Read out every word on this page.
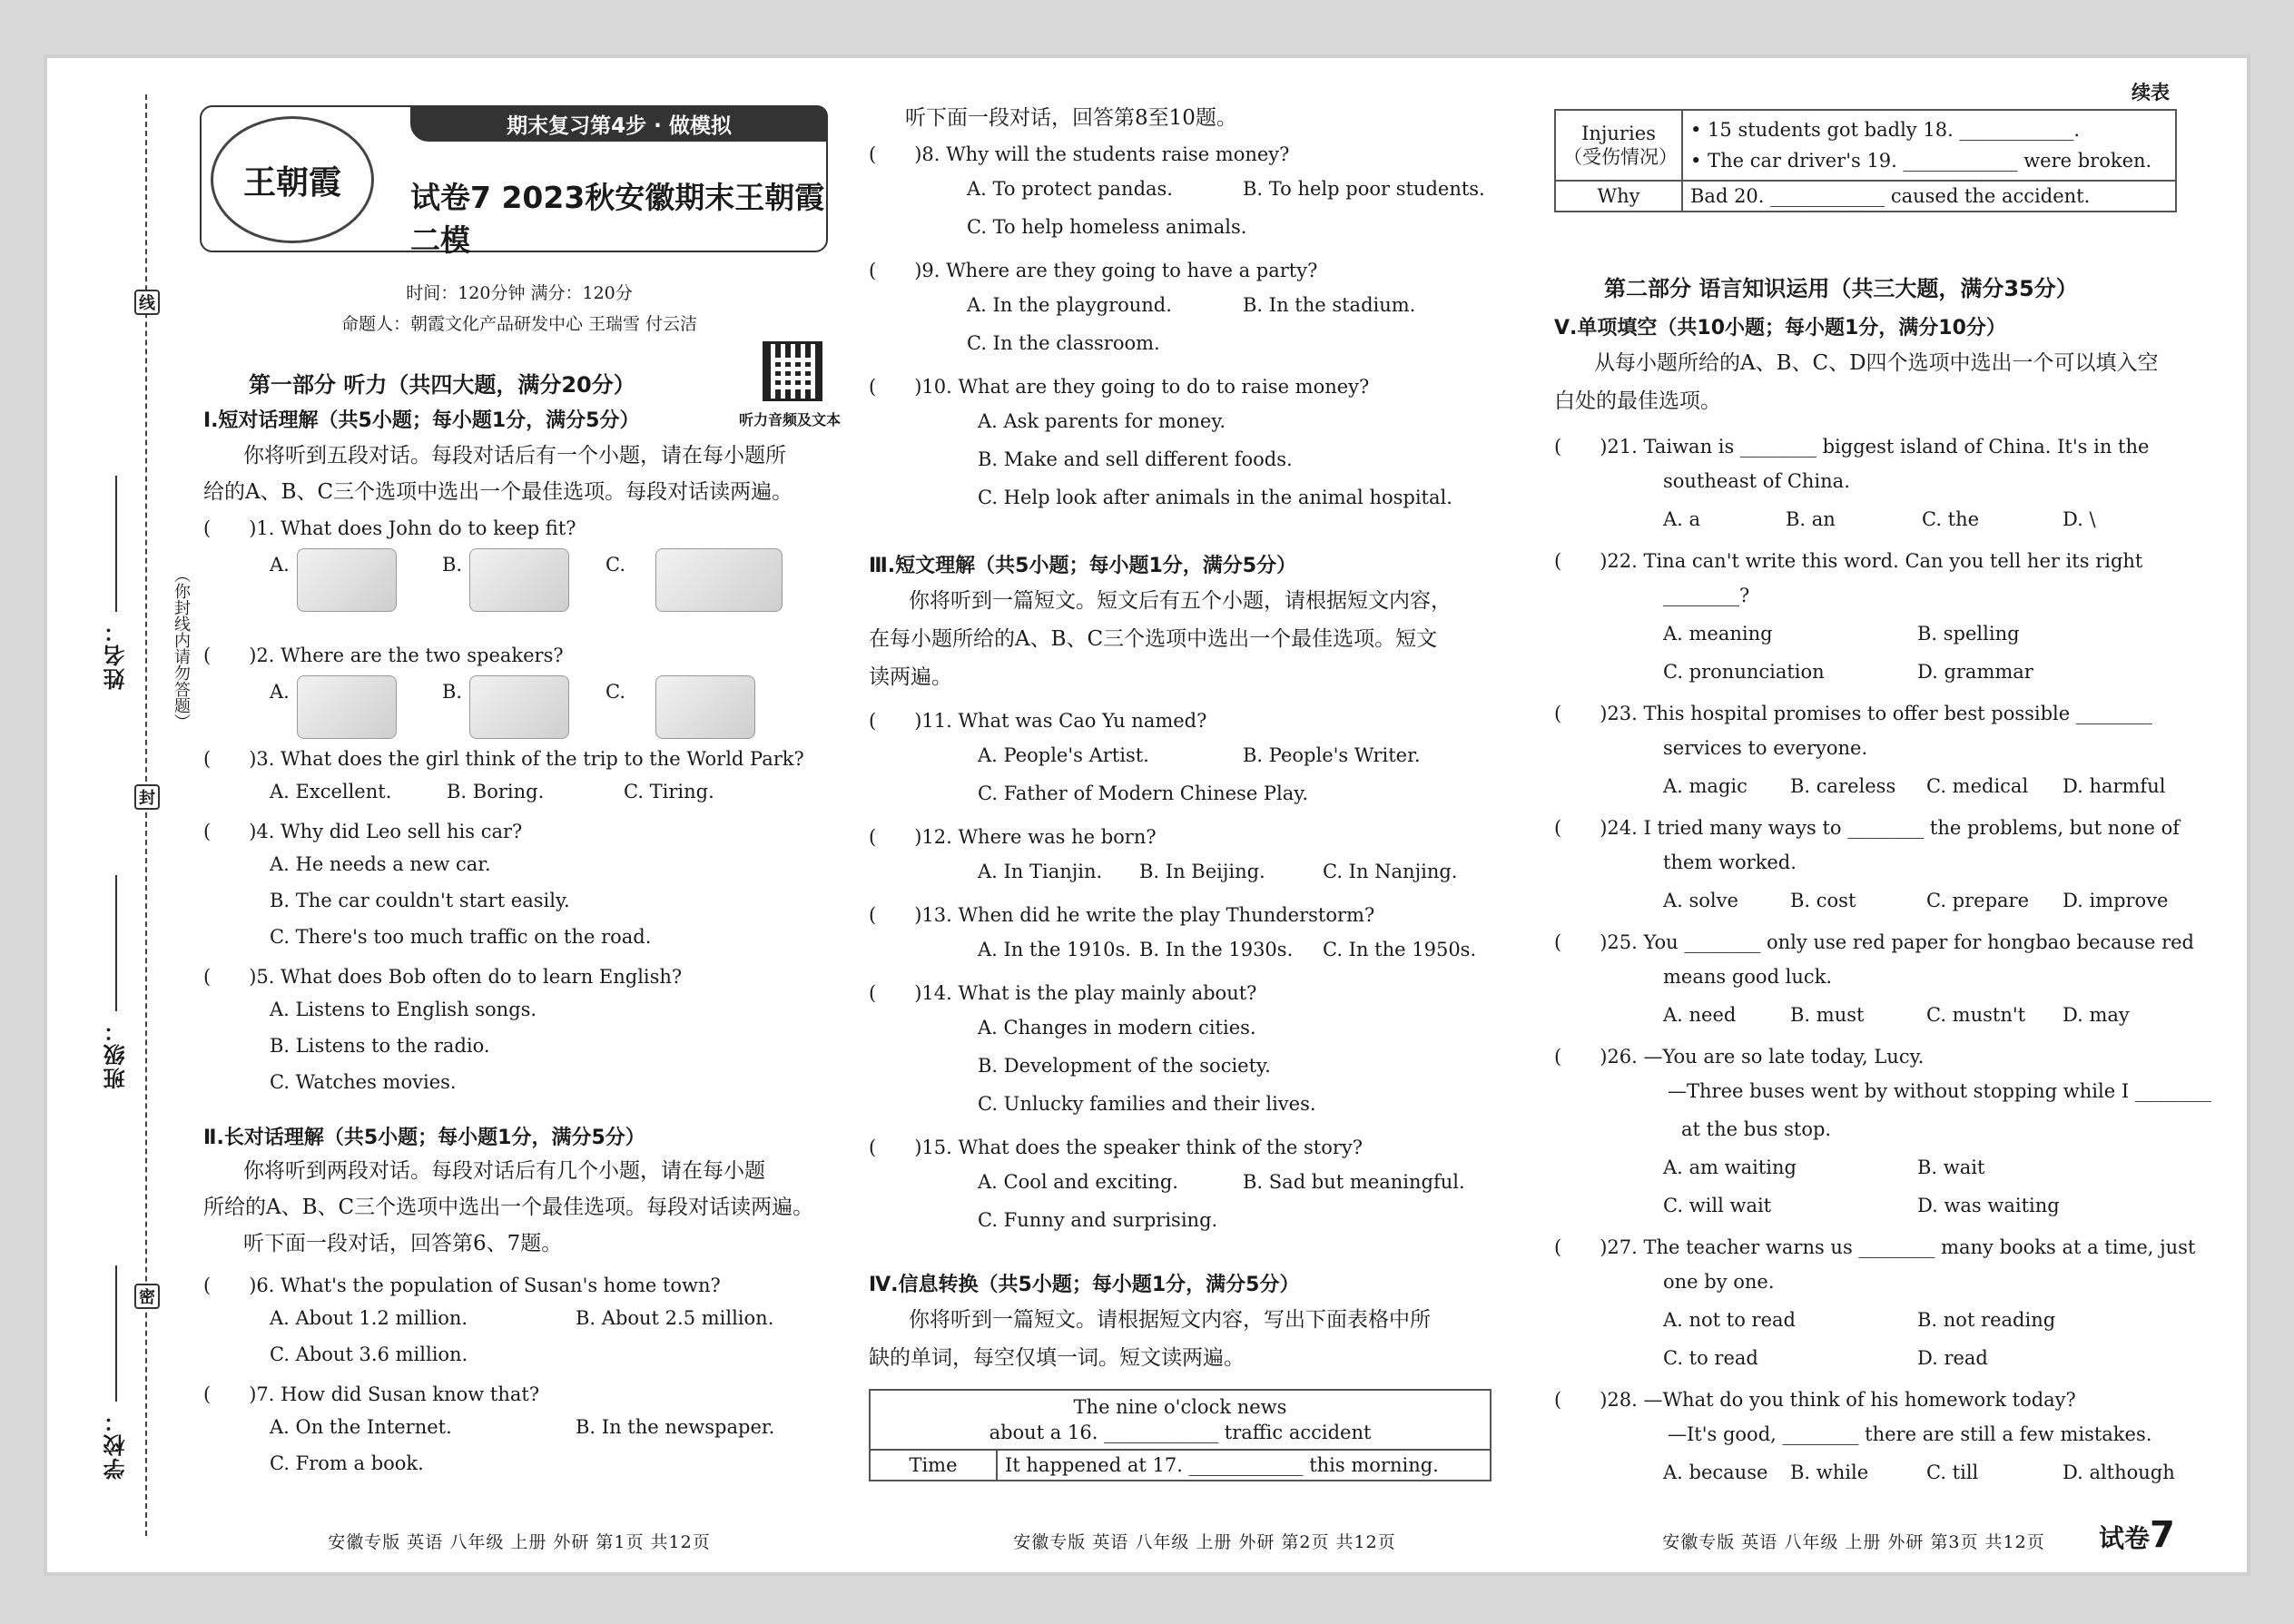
线
封
密
姓名：
班级：
学校：
（你封线内请勿答题）
王朝霞
期末复习第4步 · 做模拟
试卷7 2023秋安徽期末王朝霞二模
时间：120分钟 满分：120分
命题人：朝霞文化产品研发中心 王瑞雪 付云洁
第一部分 听力（共四大题，满分20分）
听力音频及文本
Ⅰ.短对话理解（共5小题；每小题1分，满分5分）
你将听到五段对话。每段对话后有一个小题，请在每小题所
给的A、B、C三个选项中选出一个最佳选项。每段对话读两遍。
(　　)1. What does John do to keep fit?
A.	B.	C.
(　　)2. Where are the two speakers?
A.	B.	C.
(　　)3. What does the girl think of the trip to the World Park?
A. Excellent.	B. Boring.	C. Tiring.
(　　)4. Why did Leo sell his car?
A. He needs a new car.
B. The car couldn't start easily.
C. There's too much traffic on the road.
(　　)5. What does Bob often do to learn English?
A. Listens to English songs.
B. Listens to the radio.
C. Watches movies.
Ⅱ.长对话理解（共5小题；每小题1分，满分5分）
你将听到两段对话。每段对话后有几个小题，请在每小题
所给的A、B、C三个选项中选出一个最佳选项。每段对话读两遍。
听下面一段对话，回答第6、7题。
(　　)6. What's the population of Susan's home town?
A. About 1.2 million.	B. About 2.5 million.
C. About 3.6 million.
(　　)7. How did Susan know that?
A. On the Internet.	B. In the newspaper.
C. From a book.
安徽专版 英语 八年级 上册 外研 第1页 共12页
听下面一段对话，回答第8至10题。
(　　)8. Why will the students raise money?
A. To protect pandas.	B. To help poor students.
C. To help homeless animals.
(　　)9. Where are they going to have a party?
A. In the playground.	B. In the stadium.
C. In the classroom.
(　　)10. What are they going to do to raise money?
A. Ask parents for money.
B. Make and sell different foods.
C. Help look after animals in the animal hospital.
Ⅲ.短文理解（共5小题；每小题1分，满分5分）
你将听到一篇短文。短文后有五个小题，请根据短文内容，
在每小题所给的A、B、C三个选项中选出一个最佳选项。短文
读两遍。
(　　)11. What was Cao Yu named?
A. People's Artist.	B. People's Writer.
C. Father of Modern Chinese Play.
(　　)12. Where was he born?
A. In Tianjin. B. In Beijing.	C. In Nanjing.
(　　)13. When did he write the play Thunderstorm?
A. In the 1910s. B. In the 1930s. C. In the 1950s.
(　　)14. What is the play mainly about?
A. Changes in modern cities.
B. Development of the society.
C. Unlucky families and their lives.
(　　)15. What does the speaker think of the story?
A. Cool and exciting.	B. Sad but meaningful.
C. Funny and surprising.
Ⅳ.信息转换（共5小题；每小题1分，满分5分）
你将听到一篇短文。请根据短文内容，写出下面表格中所
缺的单词，每空仅填一词。短文读两遍。
The nine o'clock news
about a 16. ____________ traffic accident

Time	It happened at 17. ____________ this morning.
安徽专版 英语 八年级 上册 外研 第2页 共12页
续表
Injuries（受伤情况）	• 15 students got badly 18. ____________.
• The car driver's 19. ____________ were broken.

Why	Bad 20. ____________ caused the accident.
第二部分 语言知识运用（共三大题，满分35分）
Ⅴ.单项填空（共10小题；每小题1分，满分10分）
从每小题所给的A、B、C、D四个选项中选出一个可以填入空
白处的最佳选项。
(　　)21. Taiwan is ________ biggest island of China. It's in the
southeast of China.
A. a	B. an	C. the	D. \
(　　)22. Tina can't write this word. Can you tell her its right
________?
A. meaning	B. spelling
C. pronunciation	D. grammar
(　　)23. This hospital promises to offer best possible ________
services to everyone.
A. magic B. careless C. medical D. harmful
(　　)24. I tried many ways to ________ the problems, but none of
them worked.
A. solve	B. cost	C. prepare D. improve
(　　)25. You ________ only use red paper for hongbao because red
means good luck.
A. need	B. must	C. mustn't D. may
(　　)26. —You are so late today, Lucy.
—Three buses went by without stopping while I ________
at the bus stop.
A. am waiting	B. wait
C. will wait	D. was waiting
(　　)27. The teacher warns us ________ many books at a time, just
one by one.
A. not to read	B. not reading
C. to read	D. read
(　　)28. —What do you think of his homework today?
—It's good, ________ there are still a few mistakes.
A. because B. while	C. till	D. although
安徽专版 英语 八年级 上册 外研 第3页 共12页	试卷7
